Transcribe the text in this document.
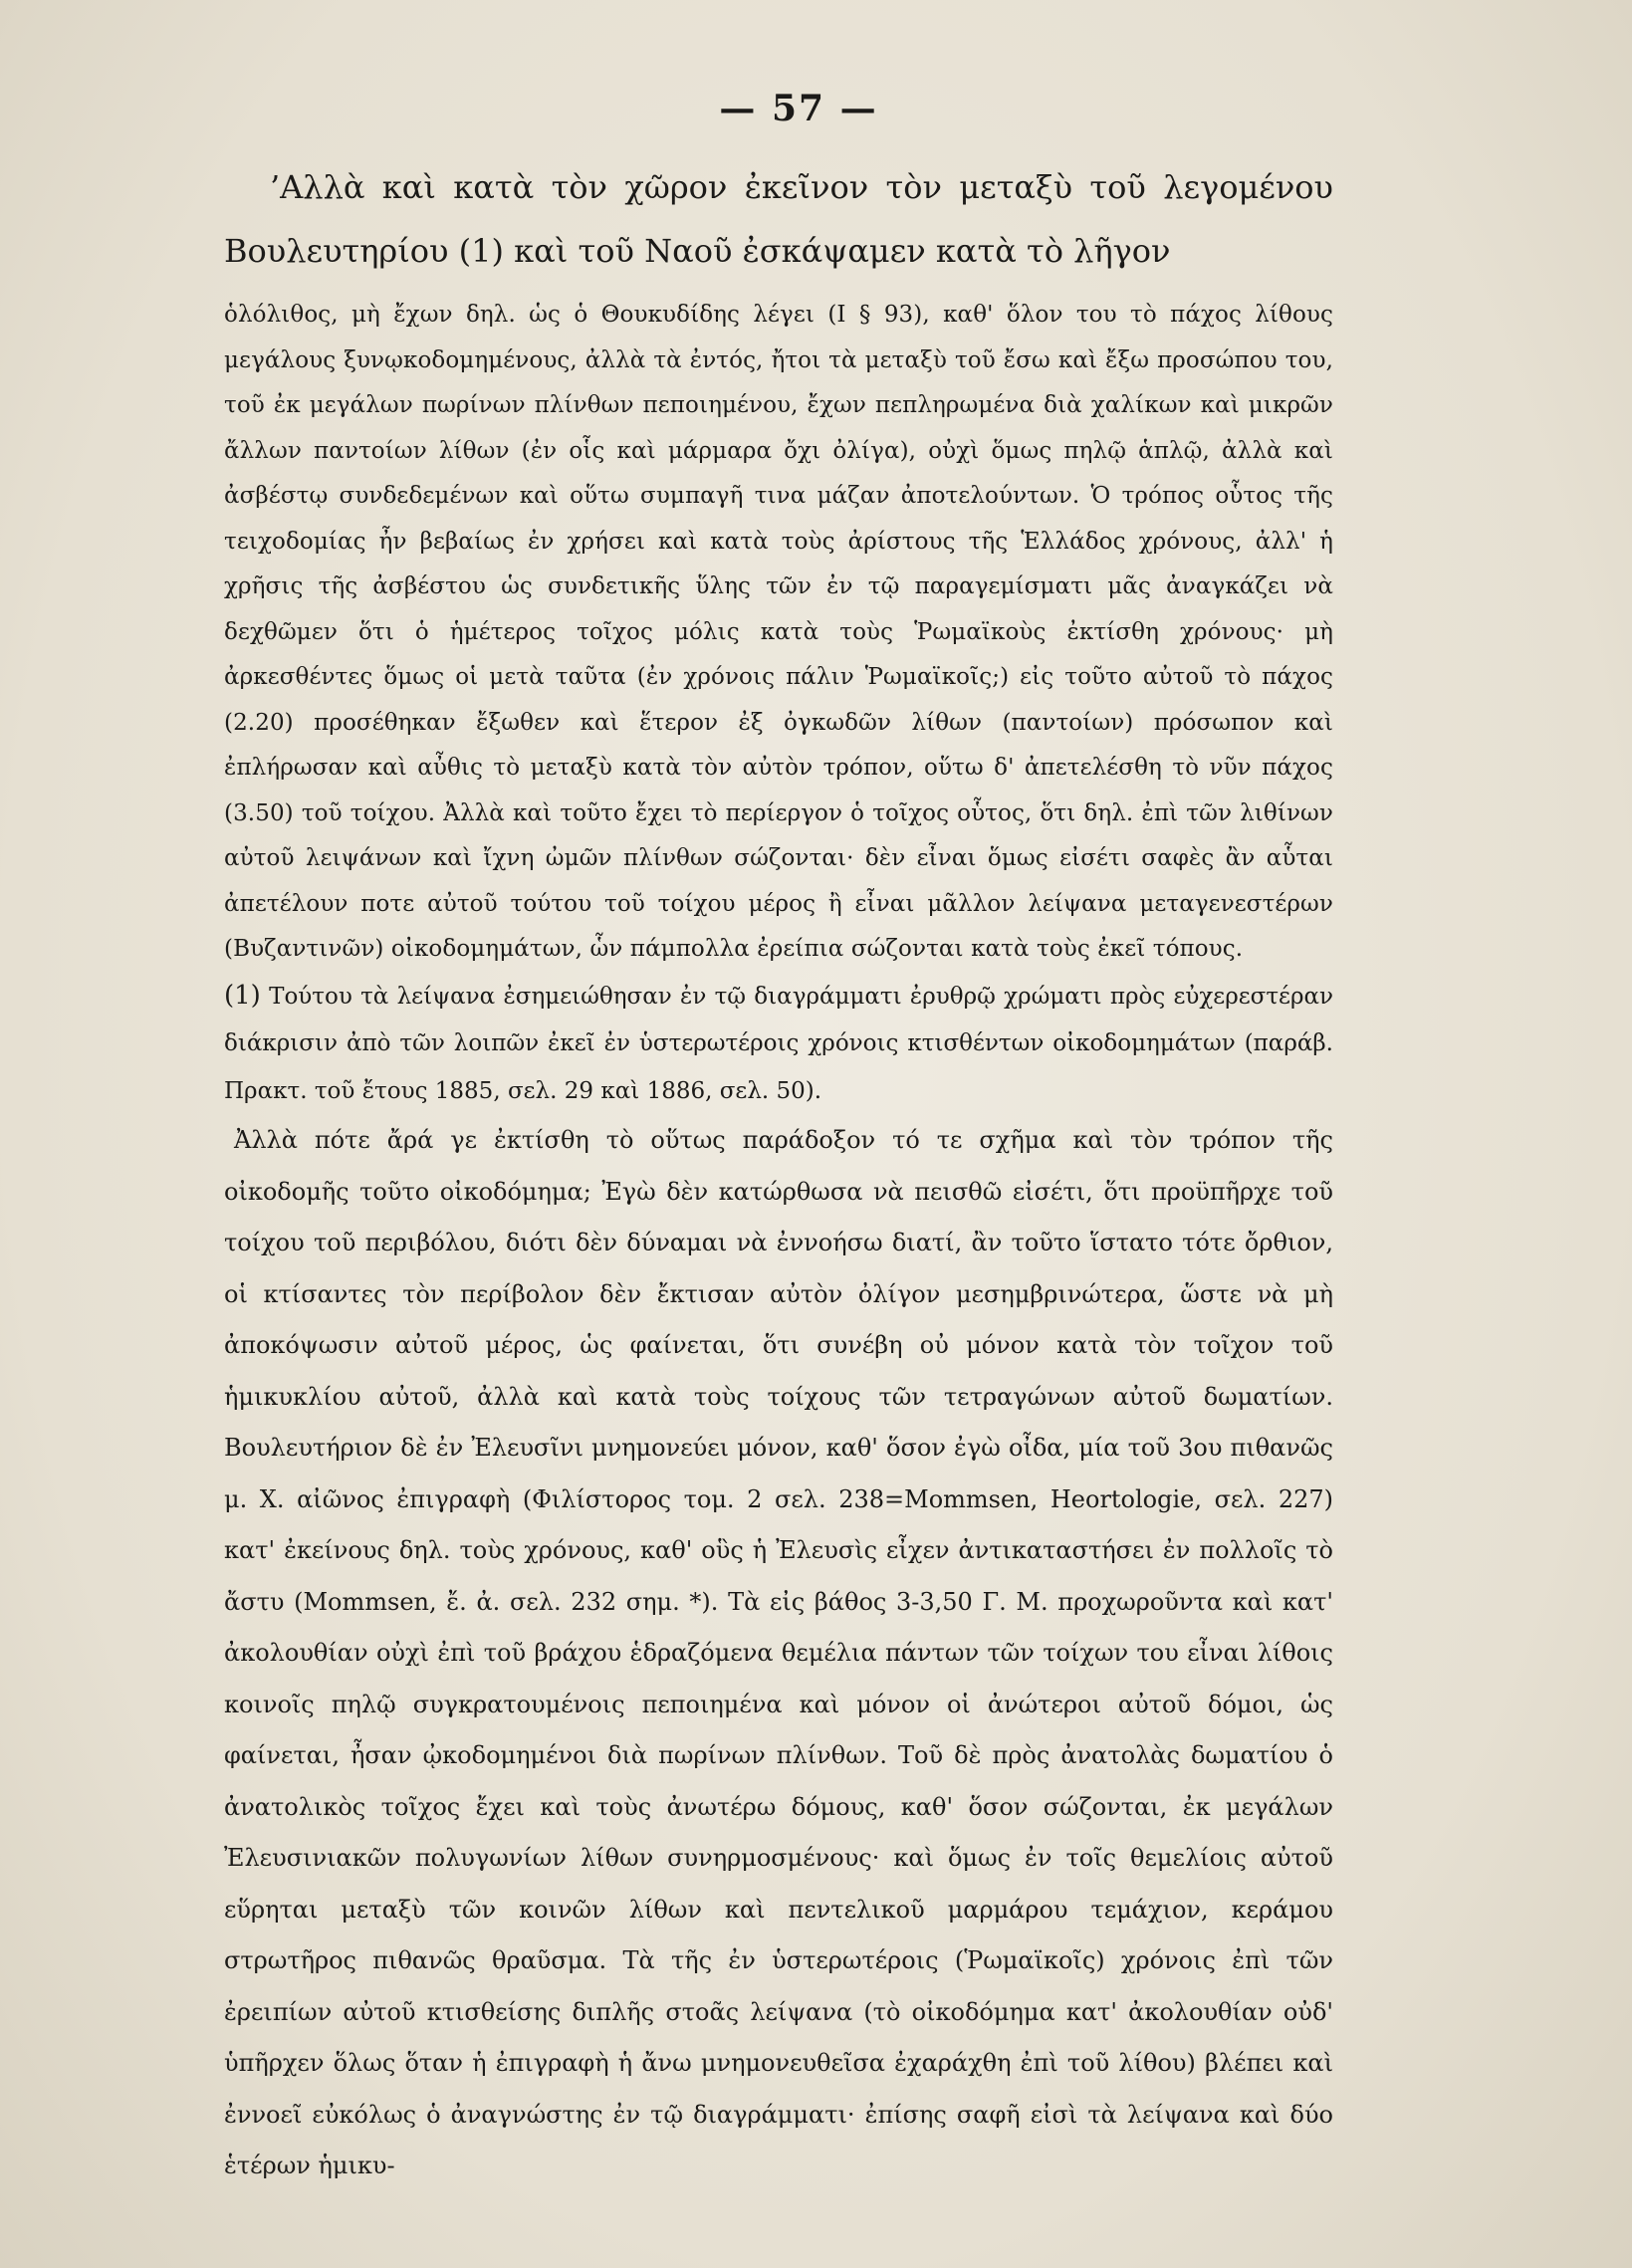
— 57 —

’Αλλὰ καὶ κατὰ τὸν χῶρον ἐκεῖνον τὸν μεταξὺ τοῦ λεγομένου Βουλευτηρίου (1) καὶ τοῦ Ναοῦ ἐσκάψαμεν κατὰ τὸ λῆγον

ὁλόλιθος, μὴ ἔχων δηλ. ὡς ὁ Θουκυδίδης λέγει (I § 93), καθ' ὅλον του τὸ πάχος λίθους μεγάλους ξυνῳκοδομημένους, ἀλλὰ τὰ ἐντός, ἤτοι τὰ μεταξὺ τοῦ ἔσω καὶ ἔξω προσώπου του, τοῦ ἐκ μεγάλων πωρίνων πλίνθων πεποιημένου, ἔχων πεπληρωμένα διὰ χαλίκων καὶ μικρῶν ἄλλων παντοίων λίθων (ἐν οἷς καὶ μάρμαρα ὄχι ὀλίγα), οὐχὶ ὅμως πηλῷ ἁπλῷ, ἀλλὰ καὶ ἀσβέστῳ συνδεδεμένων καὶ οὕτω συμπαγῆ τινα μάζαν ἀποτελούντων. Ὁ τρόπος οὗτος τῆς τειχοδομίας ἦν βεβαίως ἐν χρήσει καὶ κατὰ τοὺς ἀρίστους τῆς Ἑλλάδος χρόνους, ἀλλ' ἡ χρῆσις τῆς ἀσβέστου ὡς συνδετικῆς ὕλης τῶν ἐν τῷ παραγεμίσματι μᾶς ἀναγκάζει νὰ δεχθῶμεν ὅτι ὁ ἡμέτερος τοῖχος μόλις κατὰ τοὺς Ῥωμαϊκοὺς ἐκτίσθη χρόνους· μὴ ἀρκεσθέντες ὅμως οἱ μετὰ ταῦτα (ἐν χρόνοις πάλιν Ῥωμαϊκοῖς;) εἰς τοῦτο αὐτοῦ τὸ πάχος (2.20) προσέθηκαν ἔξωθεν καὶ ἕτερον ἐξ ὀγκωδῶν λίθων (παντοίων) πρόσωπον καὶ ἐπλήρωσαν καὶ αὖθις τὸ μεταξὺ κατὰ τὸν αὐτὸν τρόπον, οὕτω δ' ἀπετελέσθη τὸ νῦν πάχος (3.50) τοῦ τοίχου. Ἀλλὰ καὶ τοῦτο ἔχει τὸ περίεργον ὁ τοῖχος οὗτος, ὅτι δηλ. ἐπὶ τῶν λιθίνων αὐτοῦ λειψάνων καὶ ἴχνη ὠμῶν πλίνθων σώζονται· δὲν εἶναι ὅμως εἰσέτι σαφὲς ἂν αὗται ἀπετέλουν ποτε αὐτοῦ τούτου τοῦ τοίχου μέρος ἢ εἶναι μᾶλλον λείψανα μεταγενεστέρων (Βυζαντινῶν) οἰκοδομημάτων, ὧν πάμπολλα ἐρείπια σώζονται κατὰ τοὺς ἐκεῖ τόπους.

(1) Τούτου τὰ λείψανα ἐσημειώθησαν ἐν τῷ διαγράμματι ἐρυθρῷ χρώματι πρὸς εὐχερεστέραν διάκρισιν ἀπὸ τῶν λοιπῶν ἐκεῖ ἐν ὑστερωτέροις χρόνοις κτισθέντων οἰκοδομημάτων (παράβ. Πρακτ. τοῦ ἔτους 1885, σελ. 29 καὶ 1886, σελ. 50).

Ἀλλὰ πότε ἄρά γε ἐκτίσθη τὸ οὕτως παράδοξον τό τε σχῆμα καὶ τὸν τρόπον τῆς οἰκοδομῆς τοῦτο οἰκοδόμημα; Ἐγὼ δὲν κατώρθωσα νὰ πεισθῶ εἰσέτι, ὅτι προϋπῆρχε τοῦ τοίχου τοῦ περιβόλου, διότι δὲν δύναμαι νὰ ἐννοήσω διατί, ἂν τοῦτο ἵστατο τότε ὄρθιον, οἱ κτίσαντες τὸν περίβολον δὲν ἔκτισαν αὐτὸν ὀλίγον μεσημβρινώτερα, ὥστε νὰ μὴ ἀποκόψωσιν αὐτοῦ μέρος, ὡς φαίνεται, ὅτι συνέβη οὐ μόνον κατὰ τὸν τοῖχον τοῦ ἡμικυκλίου αὐτοῦ, ἀλλὰ καὶ κατὰ τοὺς τοίχους τῶν τετραγώνων αὐτοῦ δωματίων. Βουλευτήριον δὲ ἐν Ἐλευσῖνι μνημονεύει μόνον, καθ' ὅσον ἐγὼ οἶδα, μία τοῦ 3ου πιθανῶς μ. Χ. αἰῶνος ἐπιγραφὴ (Φιλίστορος τομ. 2 σελ. 238=Mommsen, Heortologie, σελ. 227) κατ' ἐκείνους δηλ. τοὺς χρόνους, καθ' οὓς ἡ Ἐλευσὶς εἶχεν ἀντικαταστήσει ἐν πολλοῖς τὸ ἄστυ (Mommsen, ἔ. ἀ. σελ. 232 σημ. *). Τὰ εἰς βάθος 3-3,50 Γ. Μ. προχωροῦντα καὶ κατ' ἀκολουθίαν οὐχὶ ἐπὶ τοῦ βράχου ἑδραζόμενα θεμέλια πάντων τῶν τοίχων του εἶναι λίθοις κοινοῖς πηλῷ συγκρατουμένοις πεποιημένα καὶ μόνον οἱ ἀνώτεροι αὐτοῦ δόμοι, ὡς φαίνεται, ἦσαν ᾠκοδομημένοι διὰ πωρίνων πλίνθων. Τοῦ δὲ πρὸς ἀνατολὰς δωματίου ὁ ἀνατολικὸς τοῖχος ἔχει καὶ τοὺς ἀνωτέρω δόμους, καθ' ὅσον σώζονται, ἐκ μεγάλων Ἐλευσινιακῶν πολυγωνίων λίθων συνηρμοσμένους· καὶ ὅμως ἐν τοῖς θεμελίοις αὐτοῦ εὕρηται μεταξὺ τῶν κοινῶν λίθων καὶ πεντελικοῦ μαρμάρου τεμάχιον, κεράμου στρωτῆρος πιθανῶς θραῦσμα. Τὰ τῆς ἐν ὑστερωτέροις (Ῥωμαϊκοῖς) χρόνοις ἐπὶ τῶν ἐρειπίων αὐτοῦ κτισθείσης διπλῆς στοᾶς λείψανα (τὸ οἰκοδόμημα κατ' ἀκολουθίαν οὐδ' ὑπῆρχεν ὅλως ὅταν ἡ ἐπιγραφὴ ἡ ἄνω μνημονευθεῖσα ἐχαράχθη ἐπὶ τοῦ λίθου) βλέπει καὶ ἐννοεῖ εὐκόλως ὁ ἀναγνώστης ἐν τῷ διαγράμματι· ἐπίσης σαφῆ εἰσὶ τὰ λείψανα καὶ δύο ἑτέρων ἡμικυ-
